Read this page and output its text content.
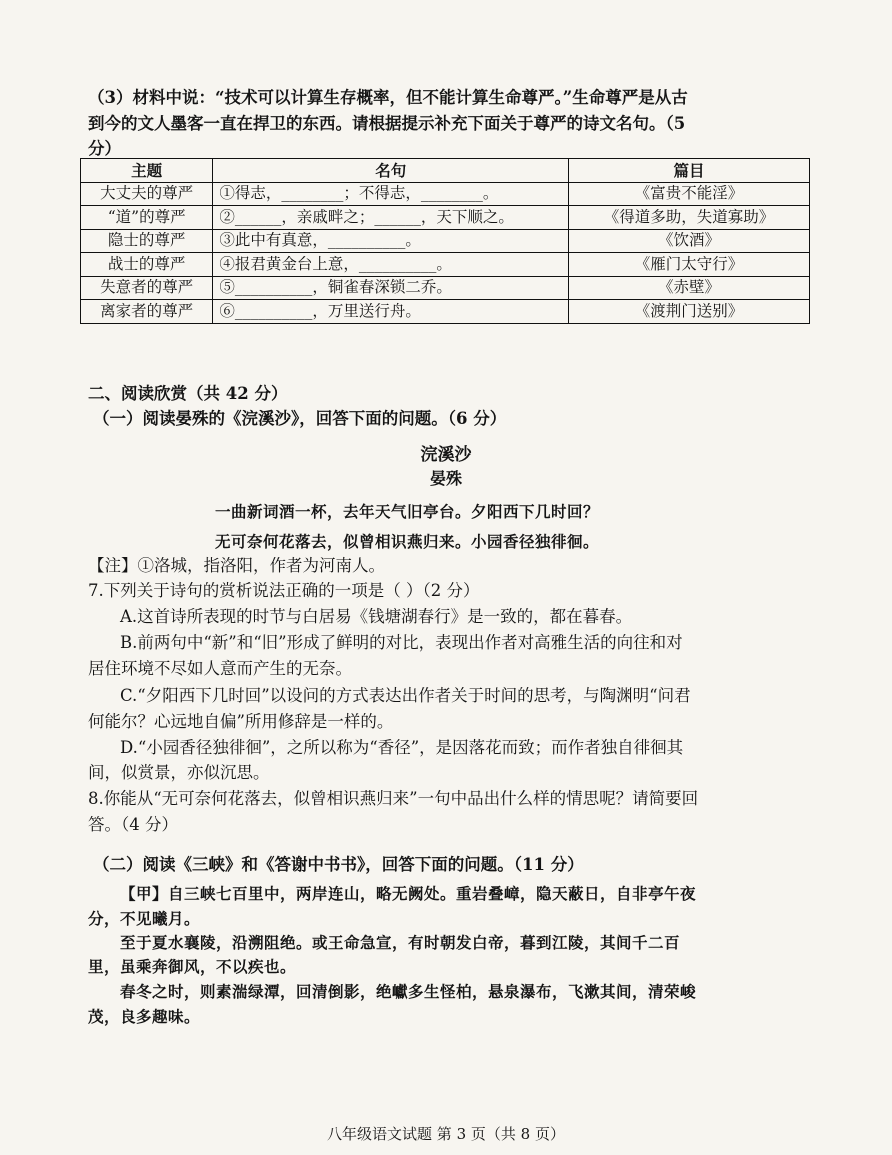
（3）材料中说：“技术可以计算生存概率，但不能计算生命尊严。”生命尊严是从古
到今的文人墨客一直在捍卫的东西。请根据提示补充下面关于尊严的诗文名句。（5
分）
主题	名句	篇目
大丈夫的尊严	①得志，________；不得志，________。	《富贵不能淫》
“道”的尊严	②______，亲戚畔之；______，天下顺之。	《得道多助，失道寡助》
隐士的尊严	③此中有真意，__________。	《饮酒》
战士的尊严	④报君黄金台上意，__________。	《雁门太守行》
失意者的尊严	⑤__________，铜雀春深锁二乔。	《赤壁》
离家者的尊严	⑥__________，万里送行舟。	《渡荆门送别》
二、阅读欣赏（共 42 分）
（一）阅读晏殊的《浣溪沙》，回答下面的问题。（6 分）
浣溪沙
晏殊
一曲新词酒一杯，去年天气旧亭台。夕阳西下几时回？
无可奈何花落去，似曾相识燕归来。小园香径独徘徊。
【注】①洛城，指洛阳，作者为河南人。
7.下列关于诗句的赏析说法正确的一项是（ ）（2 分）
A.这首诗所表现的时节与白居易《钱塘湖春行》是一致的，都在暮春。
B.前两句中“新”和“旧”形成了鲜明的对比，表现出作者对高雅生活的向往和对
居住环境不尽如人意而产生的无奈。
C.“夕阳西下几时回”以设问的方式表达出作者关于时间的思考，与陶渊明“问君
何能尔？心远地自偏”所用修辞是一样的。
D.“小园香径独徘徊”，之所以称为“香径”，是因落花而致；而作者独自徘徊其
间，似赏景，亦似沉思。
8.你能从“无可奈何花落去，似曾相识燕归来”一句中品出什么样的情思呢？请简要回
答。（4 分）
（二）阅读《三峡》和《答谢中书书》，回答下面的问题。（11 分）
【甲】自三峡七百里中，两岸连山，略无阙处。重岩叠嶂，隐天蔽日，自非亭午夜
分，不见曦月。
至于夏水襄陵，沿溯阻绝。或王命急宣，有时朝发白帝，暮到江陵，其间千二百
里，虽乘奔御风，不以疾也。
春冬之时，则素湍绿潭，回清倒影，绝巘多生怪柏，悬泉瀑布，飞漱其间，清荣峻
茂，良多趣味。
八年级语文试题 第 3 页（共 8 页）
